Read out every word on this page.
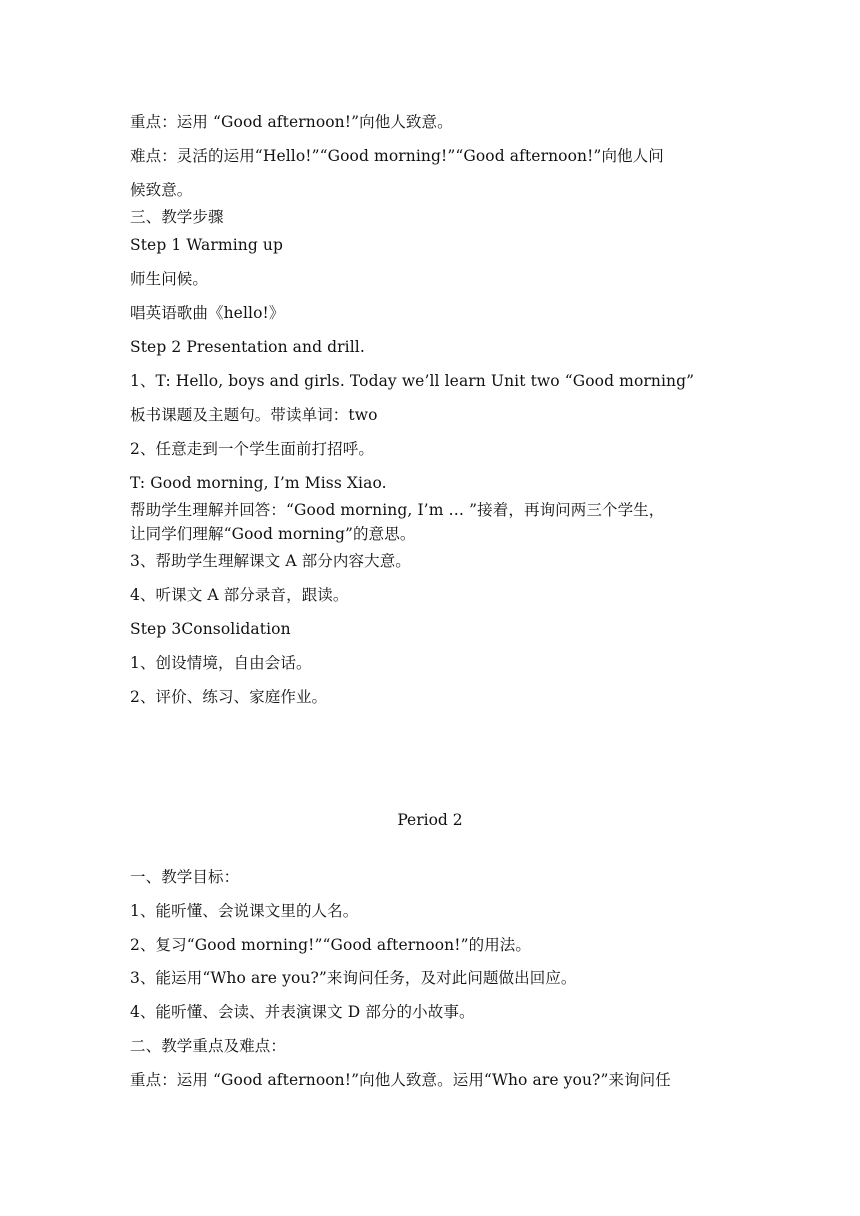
重点：运用 “Good afternoon!”向他人致意。
难点：灵活的运用“Hello!”“Good morning!”“Good afternoon!”向他人问
候致意。
三、教学步骤
Step 1 Warming up
师生问候。
唱英语歌曲《hello!》
Step 2 Presentation and drill.
1、T: Hello, boys and girls. Today we’ll learn Unit two “Good morning”
板书课题及主题句。带读单词：two
2、任意走到一个学生面前打招呼。
T: Good morning, I’m Miss Xiao.
帮助学生理解并回答：“Good morning, I’m … ”接着，再询问两三个学生，
让同学们理解“Good morning”的意思。
3、帮助学生理解课文 A 部分内容大意。
4、听课文 A 部分录音，跟读。
Step 3Consolidation
1、创设情境，自由会话。
2、评价、练习、家庭作业。
Period 2
一、教学目标：
1、能听懂、会说课文里的人名。
2、复习“Good morning!”“Good afternoon!”的用法。
3、能运用“Who are you?”来询问任务，及对此问题做出回应。
4、能听懂、会读、并表演课文 D 部分的小故事。
二、教学重点及难点：
重点：运用 “Good afternoon!”向他人致意。运用“Who are you?”来询问任
